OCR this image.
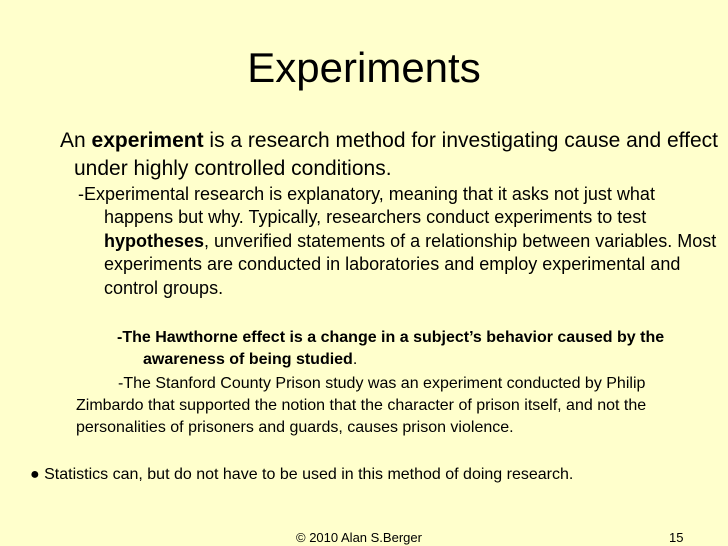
Experiments

An experiment is a research method for investigating cause and effect under highly controlled conditions.

-Experimental research is explanatory, meaning that it asks not just what happens but why. Typically, researchers conduct experiments to test hypotheses, unverified statements of a relationship between variables. Most experiments are conducted in laboratories and employ experimental and control groups.

-The Hawthorne effect is a change in a subject’s behavior caused by the awareness of being studied.

-The Stanford County Prison study was an experiment conducted by Philip Zimbardo that supported the notion that the character of prison itself, and not the personalities of prisoners and guards, causes prison violence.

● Statistics can, but do not have to be used in this method of doing research.

© 2010 Alan S.Berger	15
